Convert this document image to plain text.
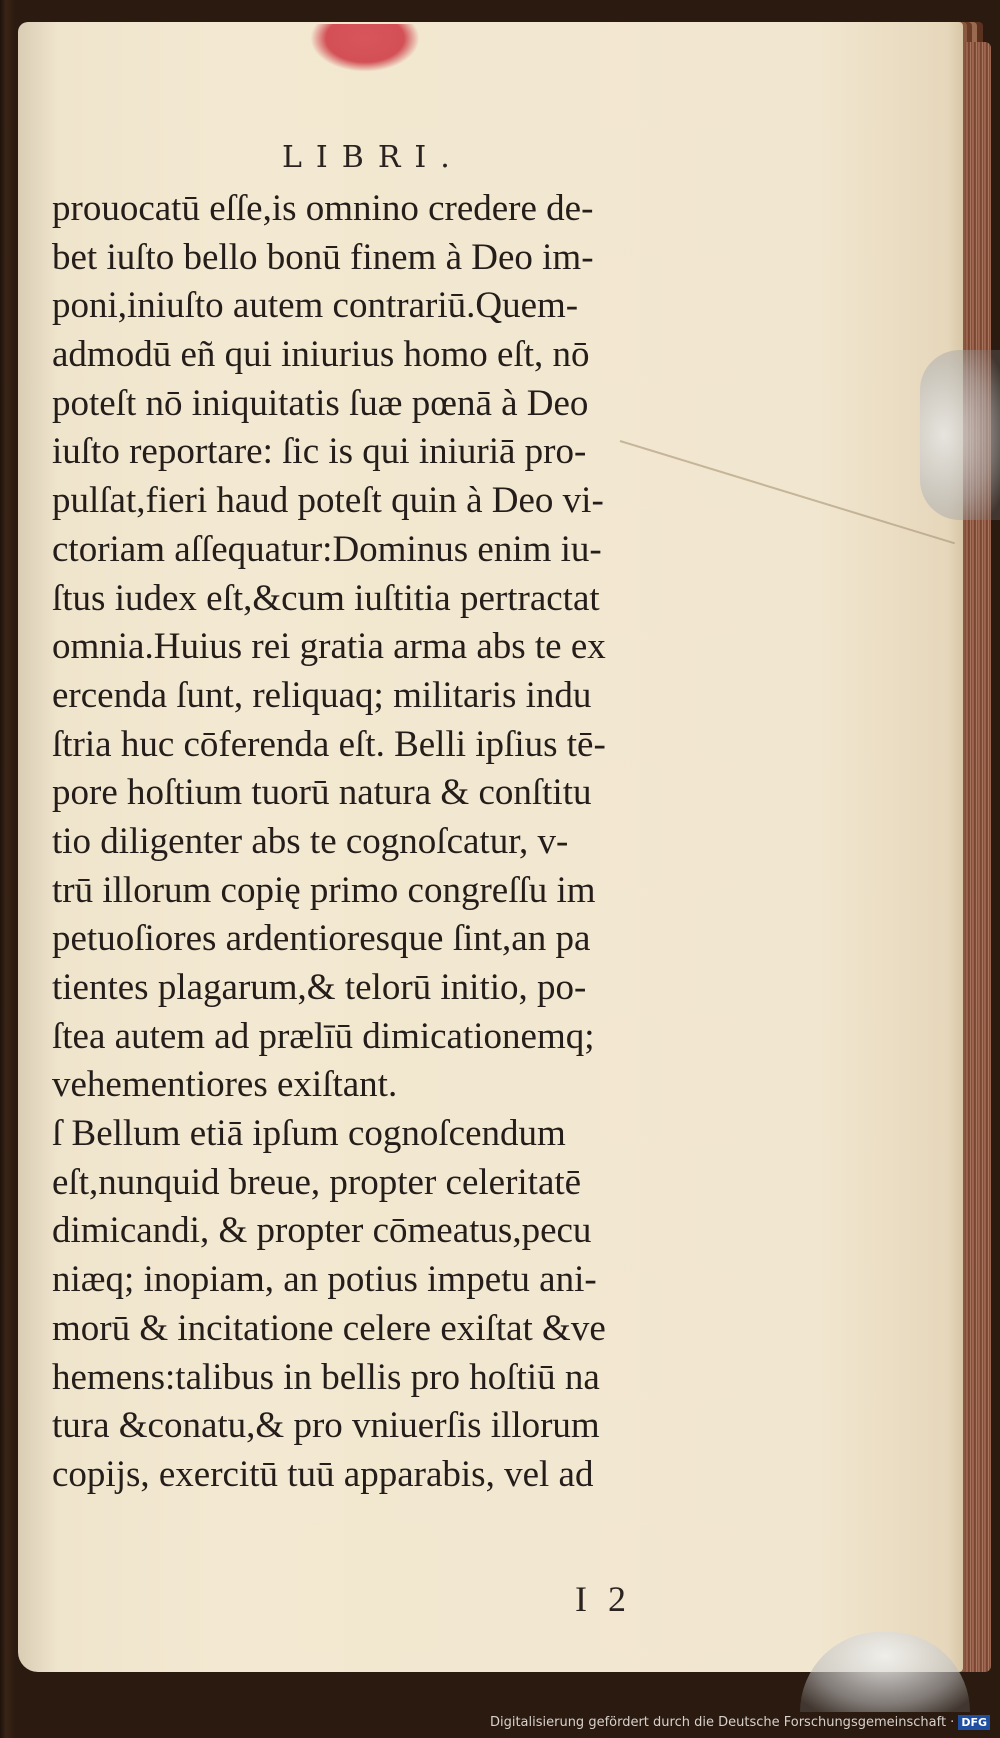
LIBRI.
prouocatū eſſe,is omnino credere de-
bet iuſto bello bonū finem à Deo im-
poni,iniuſto autem contrariū.Quem-
admodū eñ qui iniurius homo eſt, nō
poteſt nō iniquitatis ſuæ pœnā à Deo
iuſto reportare: ſic is qui iniuriā pro-
pulſat,fieri haud poteſt quin à Deo vi-
ctoriam aſſequatur:Dominus enim iu-
ſtus iudex eſt,&cum iuſtitia pertractat
omnia.Huius rei gratia arma abs te ex
ercenda ſunt, reliquaq; militaris indu
ſtria huc cōferenda eſt. Belli ipſius tē-
pore hoſtium tuorū natura & conſtitu
tio diligenter abs te cognoſcatur, v-
trū illorum copię primo congreſſu im
petuoſiores ardentioresque ſint,an pa
tientes plagarum,& telorū initio, po-
ſtea autem ad prælīū dimicationemq;
vehementiores exiſtant.
ſ Bellum etiā ipſum cognoſcendum
eſt,nunquid breue, propter celeritatē
dimicandi, & propter cōmeatus,pecu
niæq; inopiam, an potius impetu ani-
morū & incitatione celere exiſtat &ve
hemens:talibus in bellis pro hoſtiū na
tura &conatu,& pro vniuerſis illorum
copijs, exercitū tuū apparabis, vel ad
I 2
Digitalisierung gefördert durch die Deutsche Forschungsgemeinschaft · DFG
